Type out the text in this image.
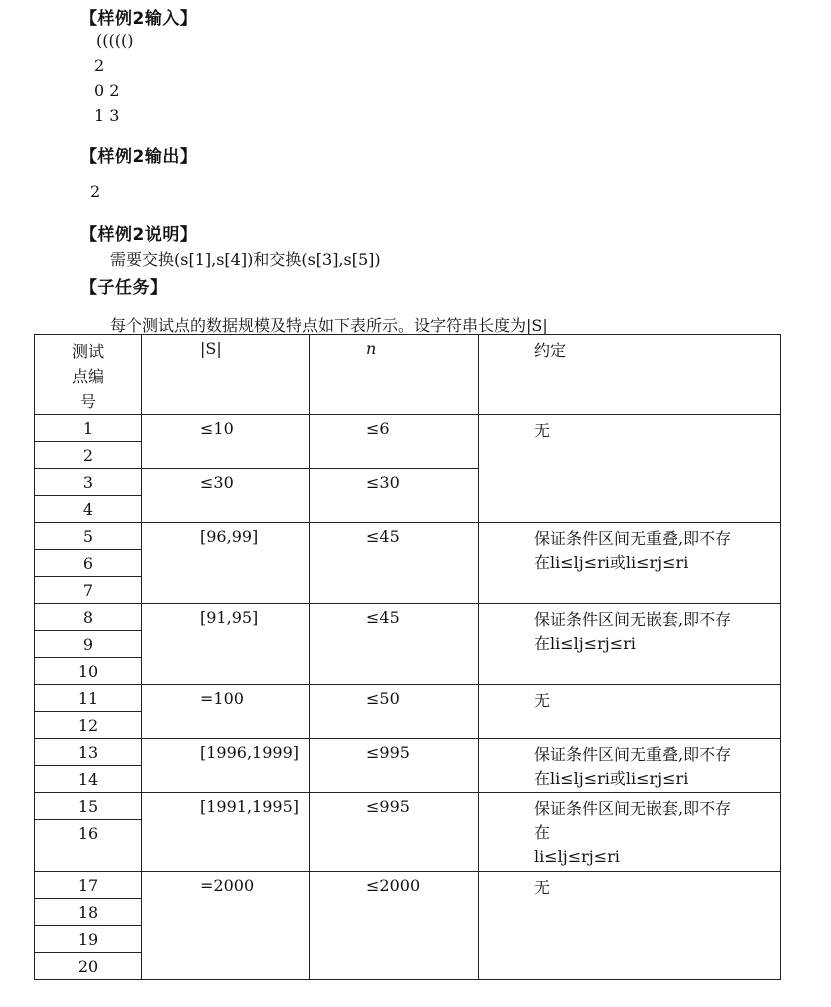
【样例2输入】
((((()
2
0 2
1 3
【样例2输出】
2
【样例2说明】
需要交换(s[1],s[4])和交换(s[3],s[5])
【子任务】
每个测试点的数据规模及特点如下表所示。设字符串长度为|S|
测试
点编
号	|S|	n	约定
1	≤10	≤6	无

2			
3	≤30	≤30	
4			
5	[96,99]	≤45	保证条件区间无重叠,即不存
在li≤lj≤ri或li≤rj≤ri

6			
7			
8	[91,95]	≤45	保证条件区间无嵌套,即不存
在li≤lj≤rj≤ri

9			
10			
11	=100	≤50	无

12			
13	[1996,1999]	≤995	保证条件区间无重叠,即不存
在li≤lj≤ri或li≤rj≤ri

14			
15	[1991,1995]	≤995	保证条件区间无嵌套,即不存
在
li≤lj≤rj≤ri

16			
17	=2000	≤2000	无

18			
19			
20			
